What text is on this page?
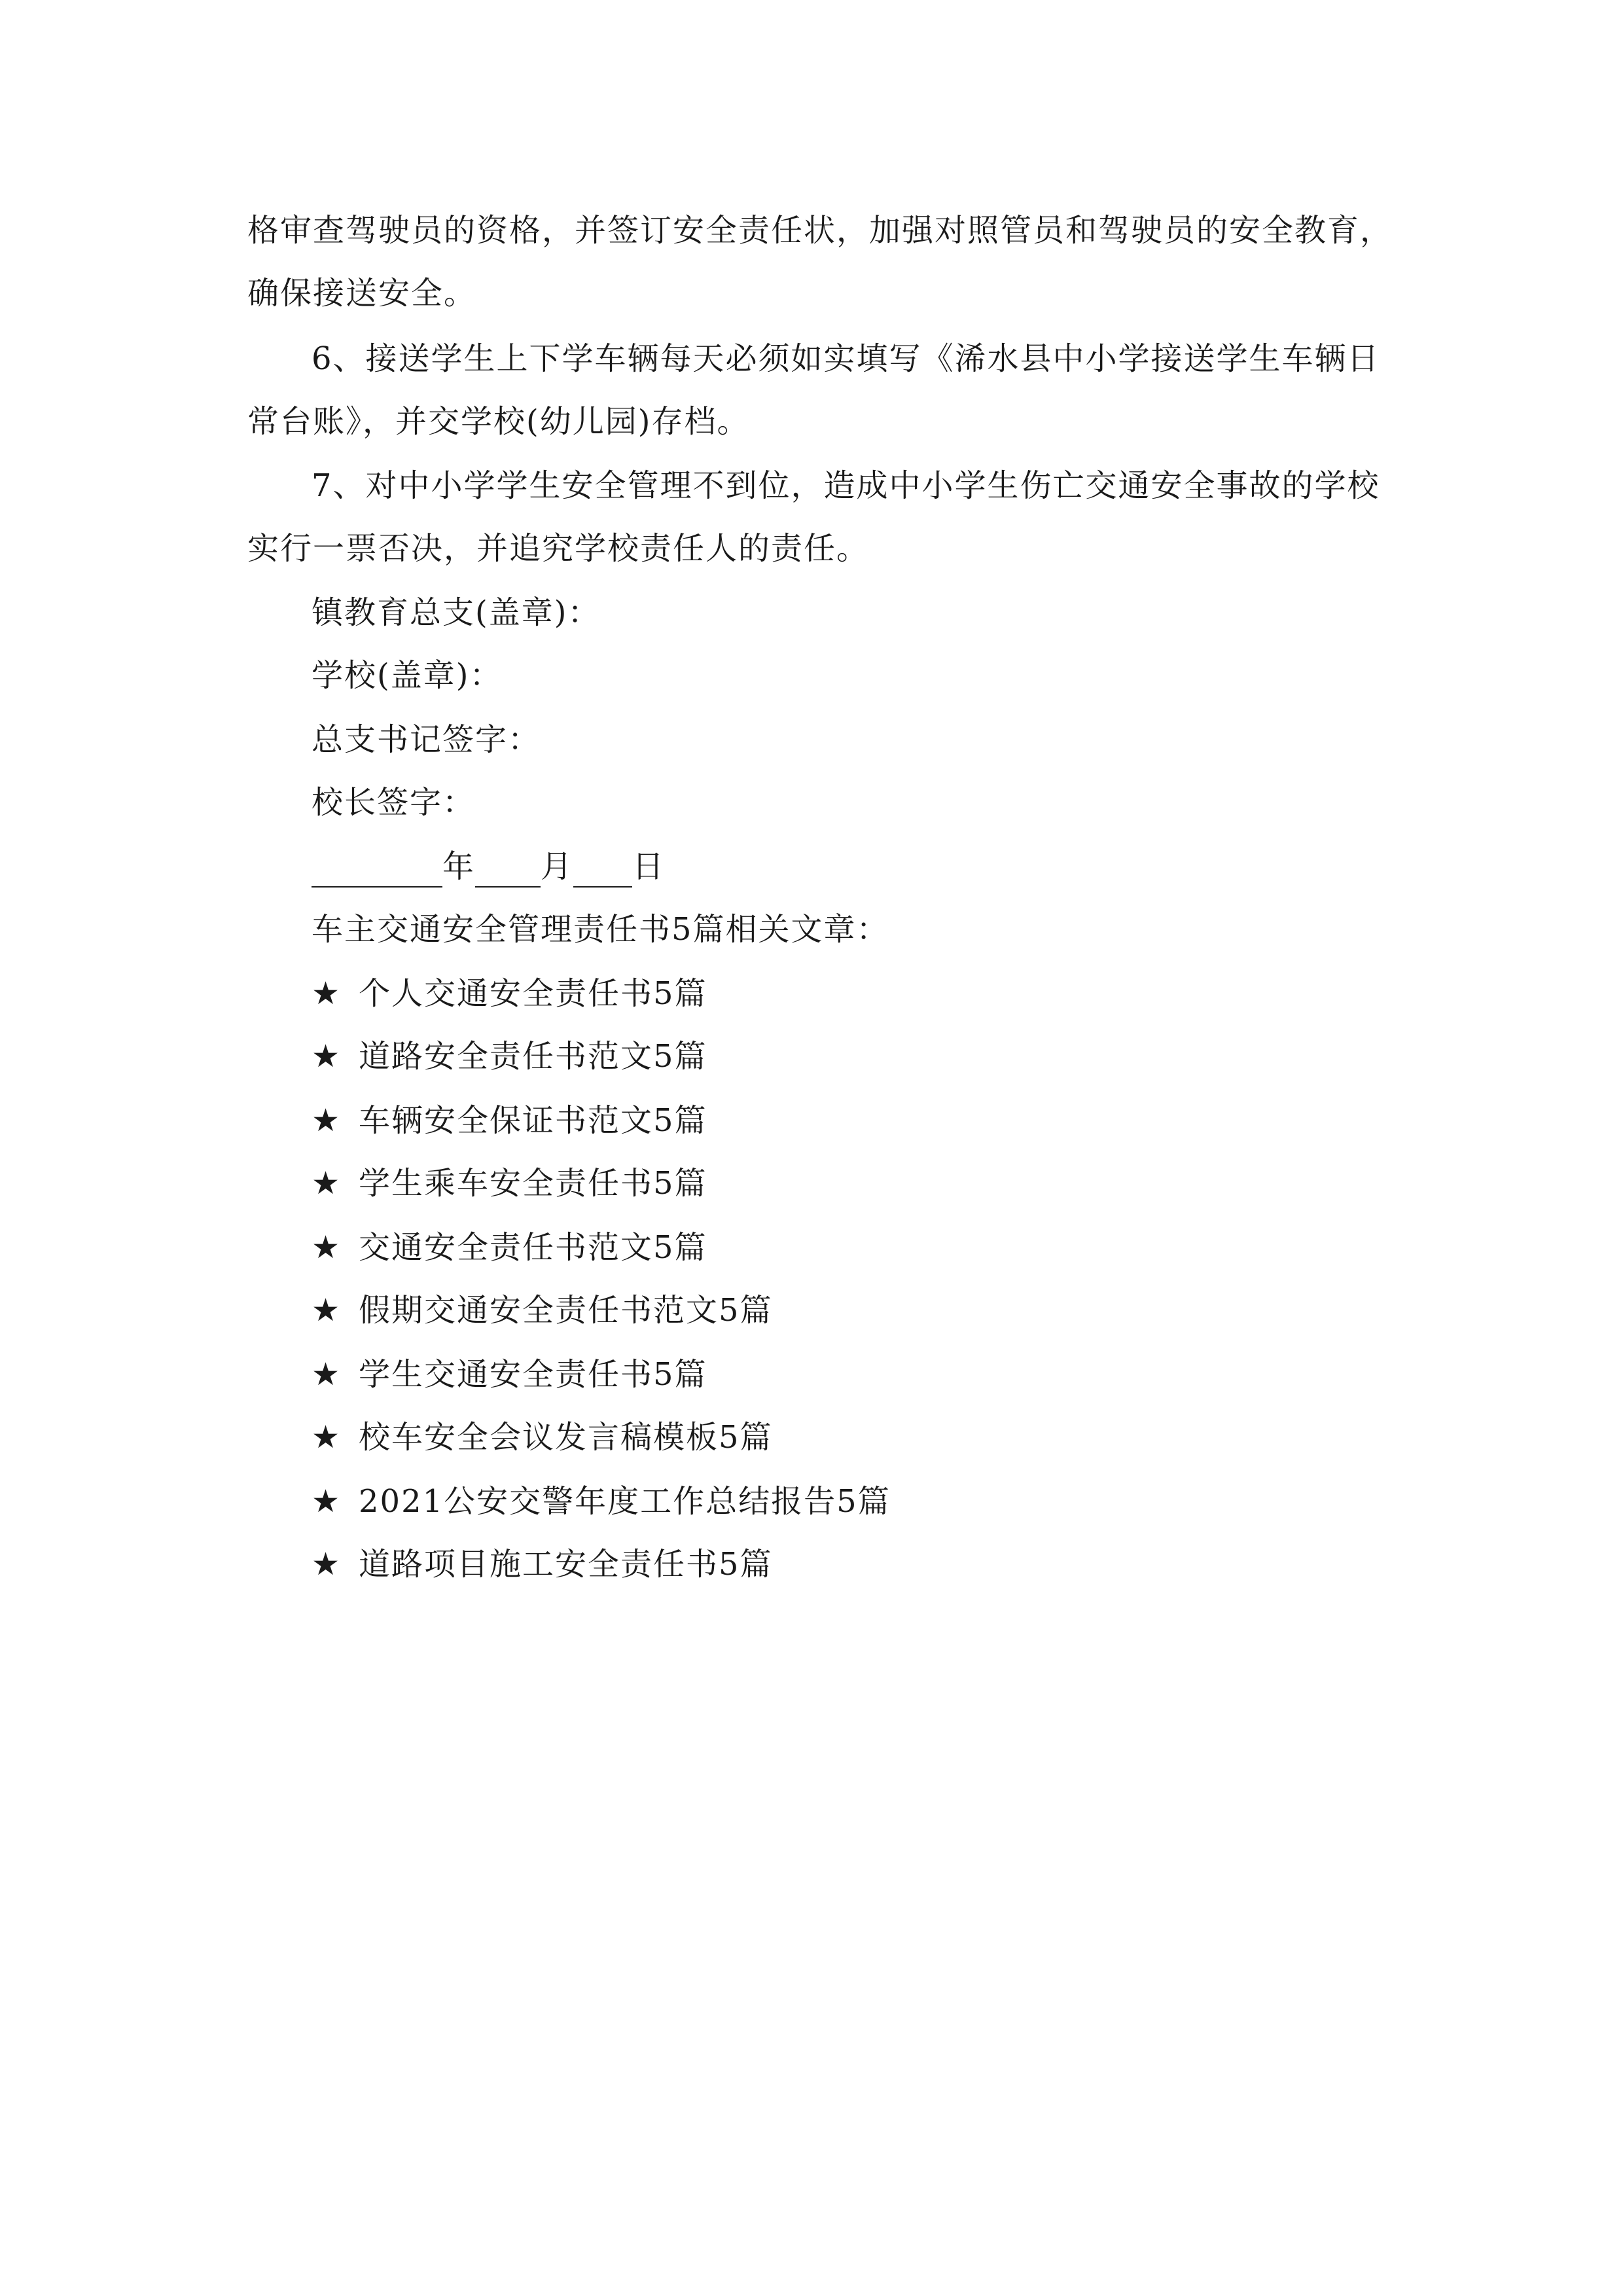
格审查驾驶员的资格，并签订安全责任状，加强对照管员和驾驶员的安全教育，
确保接送安全。
6、接送学生上下学车辆每天必须如实填写《浠水县中小学接送学生车辆日
常台账》，并交学校(幼儿园)存档。
7、对中小学学生安全管理不到位，造成中小学生伤亡交通安全事故的学校
实行一票否决，并追究学校责任人的责任。
镇教育总支(盖章)：
学校(盖章)：
总支书记签字：
校长签字：
年 月 日
车主交通安全管理责任书5篇相关文章：
★ 个人交通安全责任书5篇
★ 道路安全责任书范文5篇
★ 车辆安全保证书范文5篇
★ 学生乘车安全责任书5篇
★ 交通安全责任书范文5篇
★ 假期交通安全责任书范文5篇
★ 学生交通安全责任书5篇
★ 校车安全会议发言稿模板5篇
★ 2021公安交警年度工作总结报告5篇
★ 道路项目施工安全责任书5篇
